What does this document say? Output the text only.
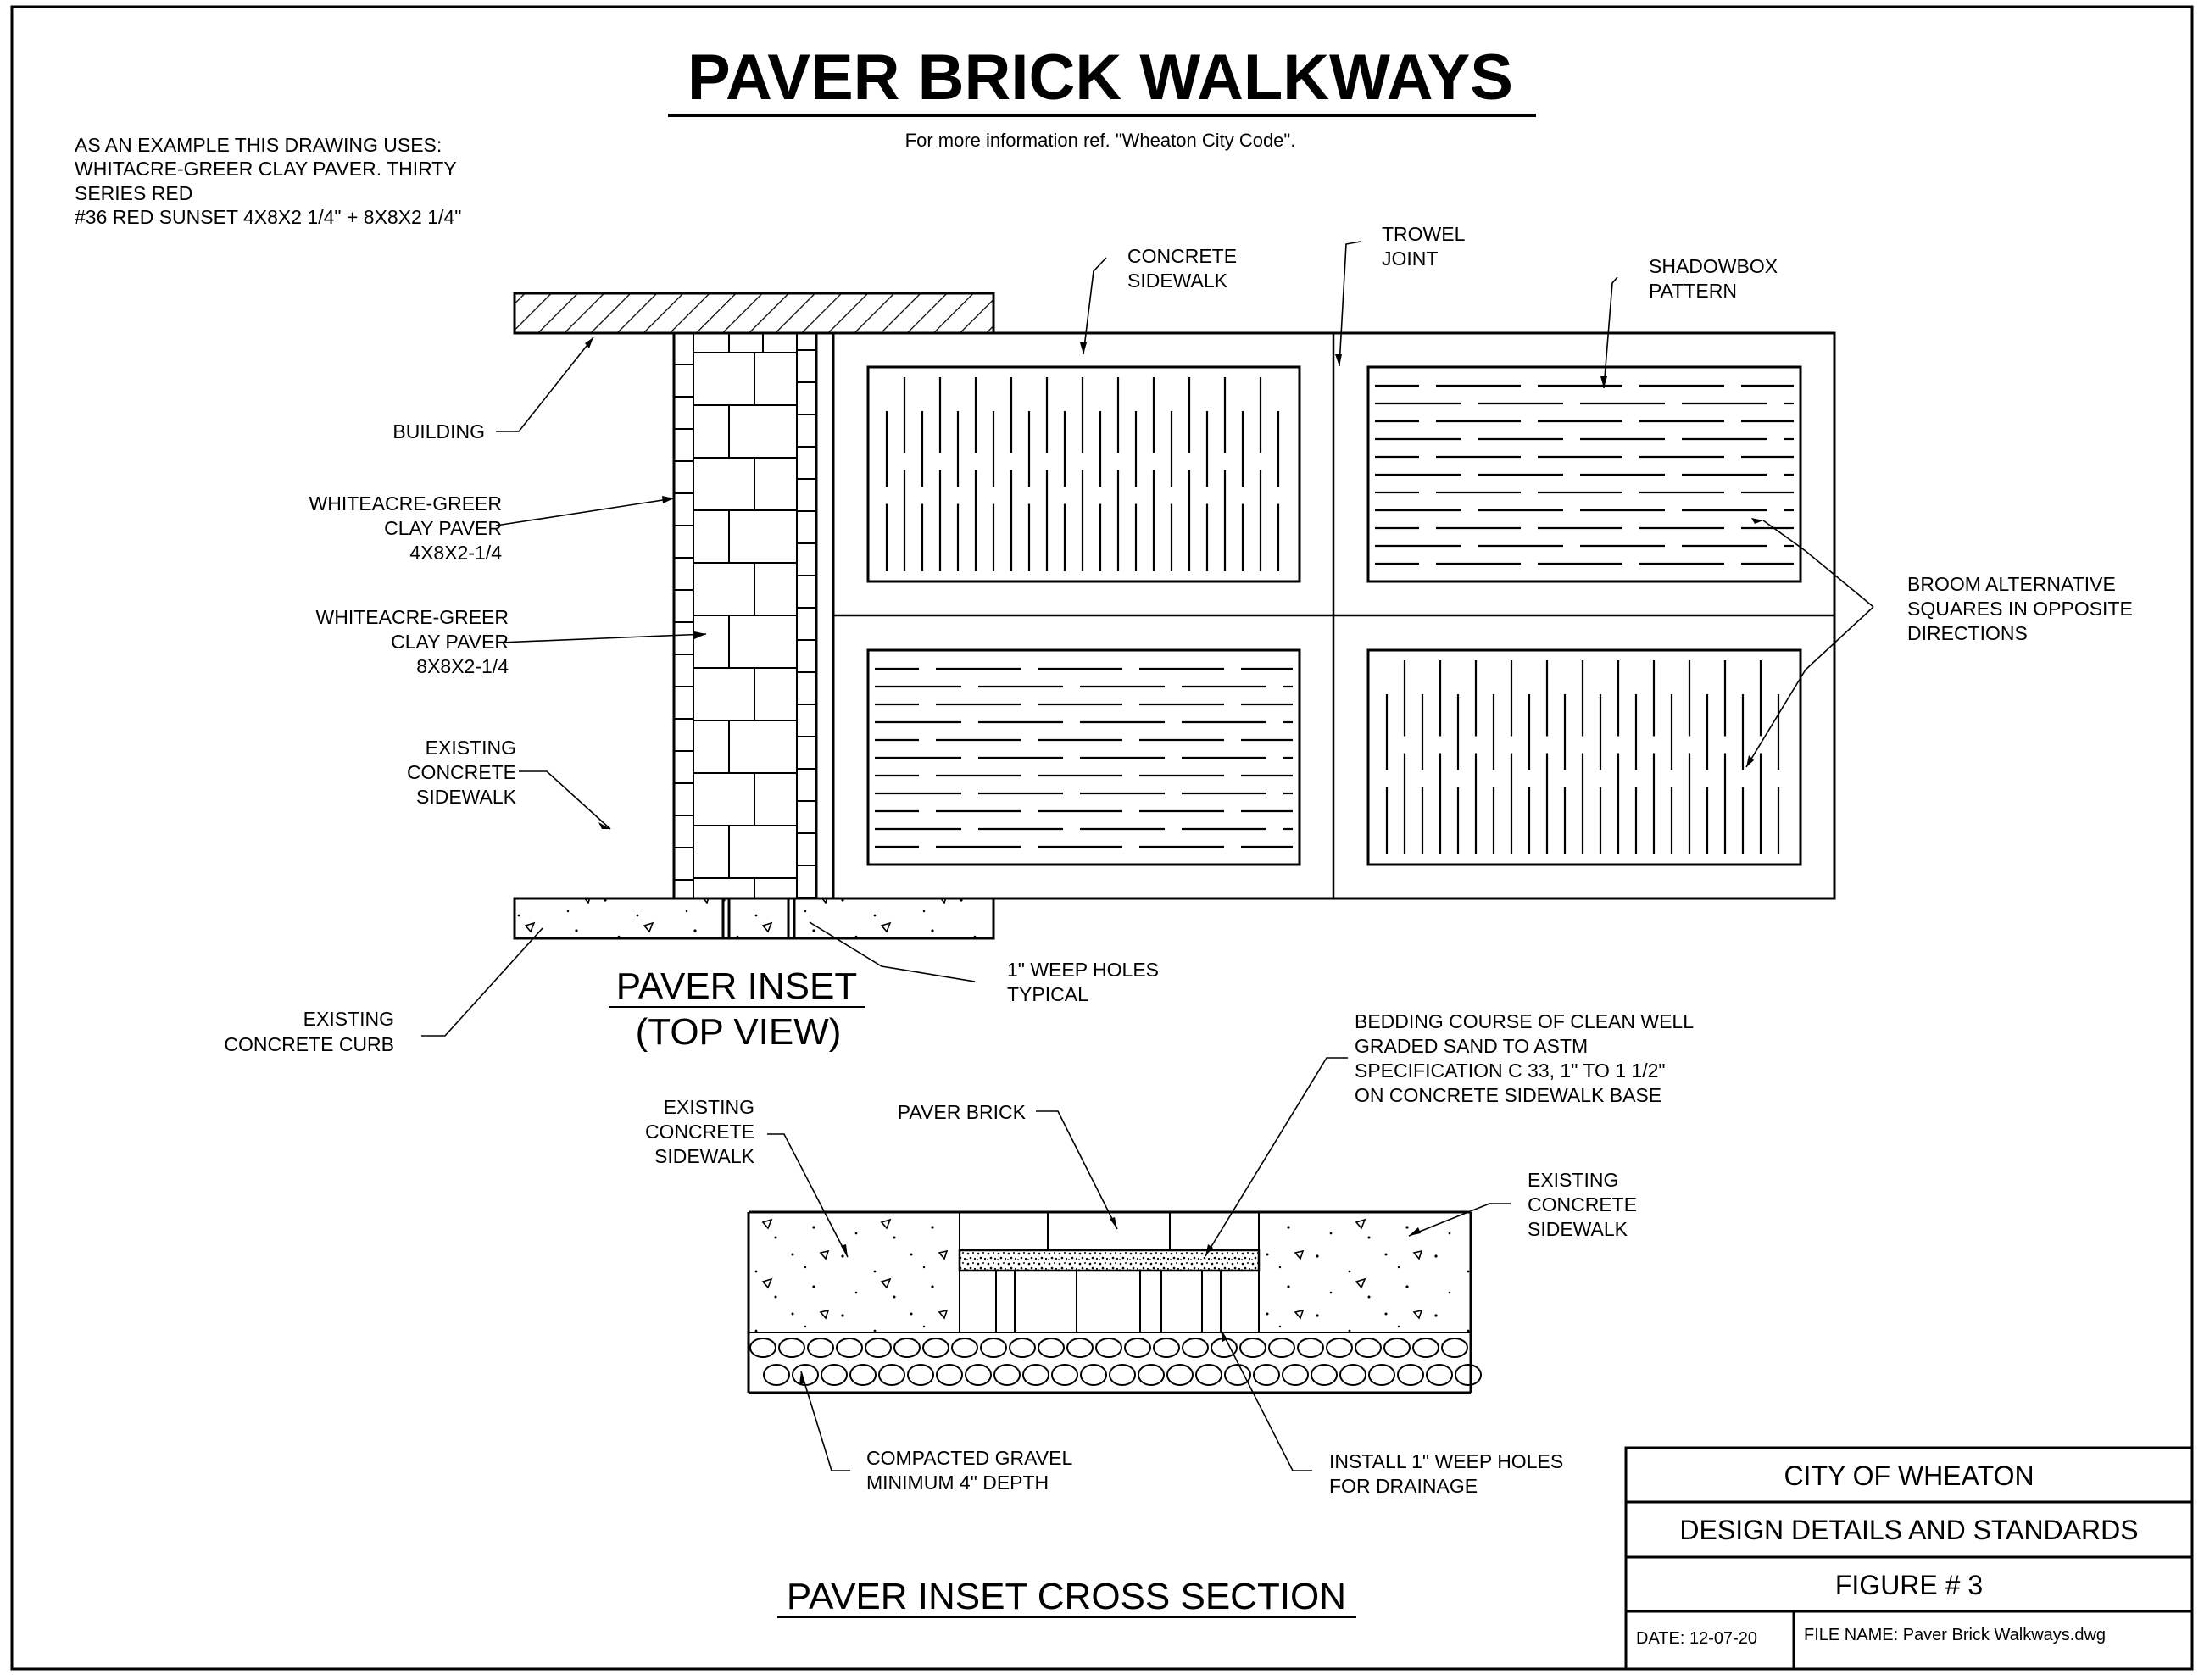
PAVER BRICK WALKWAYS
For more information ref. "Wheaton City Code".
AS AN EXAMPLE THIS DRAWING USES:
WHITACRE-GREER CLAY PAVER. THIRTY
SERIES RED
#36 RED SUNSET 4X8X2 1/4" + 8X8X2 1/4"
BUILDING
WHITEACRE-GREER
CLAY PAVER
4X8X2-1/4
WHITEACRE-GREER
CLAY PAVER
8X8X2-1/4
EXISTING
CONCRETE
SIDEWALK
EXISTING
CONCRETE CURB
1" WEEP HOLES
TYPICAL
CONCRETE
SIDEWALK
TROWEL
JOINT	SHADOWBOX
PATTERN
BROOM ALTERNATIVE
SQUARES IN OPPOSITE
DIRECTIONS
PAVER INSET
(TOP VIEW)
EXISTING
CONCRETE
SIDEWALK
PAVER BRICK
BEDDING COURSE OF CLEAN WELL
GRADED SAND TO ASTM
SPECIFICATION C 33, 1" TO 1 1/2"
ON CONCRETE SIDEWALK BASE
EXISTING
CONCRETE
SIDEWALK
COMPACTED GRAVEL
MINIMUM 4" DEPTH
INSTALL 1" WEEP HOLES
FOR DRAINAGE
PAVER INSET CROSS SECTION
CITY OF WHEATON
DESIGN DETAILS AND STANDARDS
FIGURE # 3
DATE: 12-07-20	FILE NAME: Paver Brick Walkways.dwg
